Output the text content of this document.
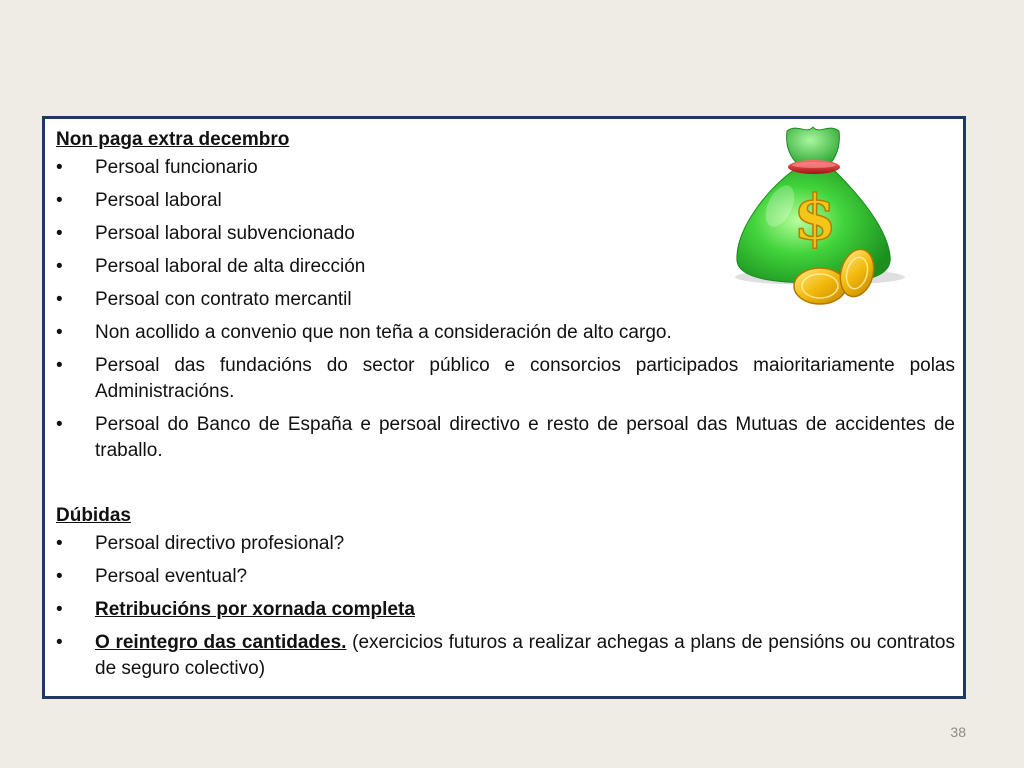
Non paga extra decembro

•	Persoal funcionario
•	Persoal laboral
•	Persoal laboral subvencionado
•	Persoal laboral de alta dirección
•	Persoal con contrato mercantil
•	Non acollido a convenio que non teña a consideración de alto cargo.
•	Persoal das fundacións do sector público e consorcios participados maioritariamente polas Administracións.
•	Persoal do Banco de España e persoal directivo e resto de persoal das Mutuas de accidentes de traballo.

Dúbidas

•	Persoal directivo profesional?
•	Persoal eventual?
•	Retribucións por xornada completa
•	O reintegro das cantidades. (exercicios futuros a realizar achegas a plans de pensións ou contratos de seguro colectivo)
$
38
